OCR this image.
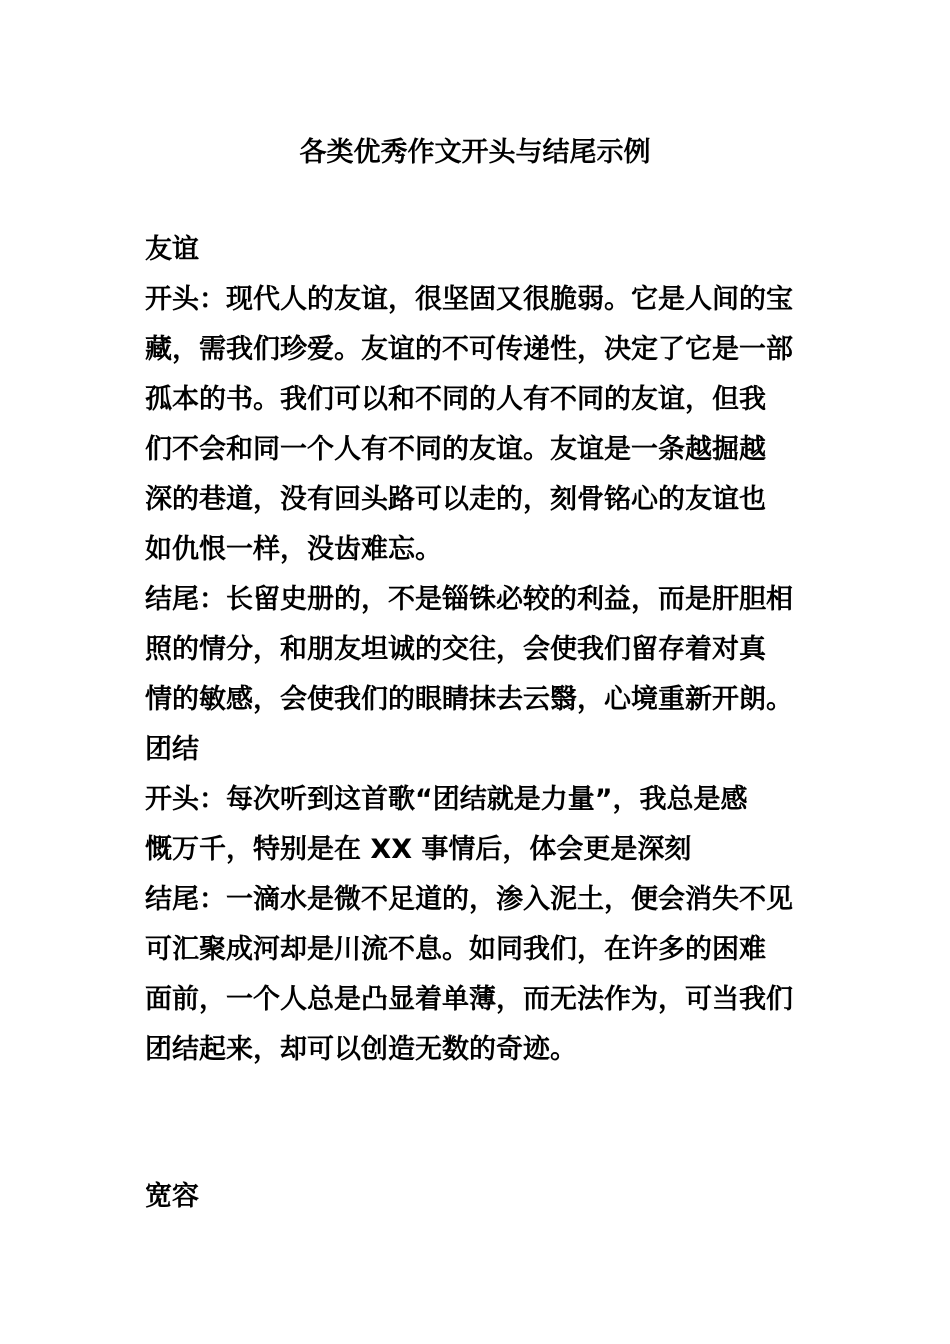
各类优秀作文开头与结尾示例
友谊
开头：现代人的友谊，很坚固又很脆弱。它是人间的宝
藏，需我们珍爱。友谊的不可传递性，决定了它是一部
孤本的书。我们可以和不同的人有不同的友谊，但我
们不会和同一个人有不同的友谊。友谊是一条越掘越
深的巷道，没有回头路可以走的，刻骨铭心的友谊也
如仇恨一样，没齿难忘。
结尾：长留史册的，不是锱铢必较的利益，而是肝胆相
照的情分，和朋友坦诚的交往，会使我们留存着对真
情的敏感，会使我们的眼睛抹去云翳，心境重新开朗。
团结
开头：每次听到这首歌“团结就是力量”，我总是感
慨万千，特别是在 XX 事情后，体会更是深刻
结尾：一滴水是微不足道的，渗入泥土，便会消失不见
可汇聚成河却是川流不息。如同我们，在许多的困难
面前，一个人总是凸显着单薄，而无法作为，可当我们
团结起来，却可以创造无数的奇迹。
宽容
